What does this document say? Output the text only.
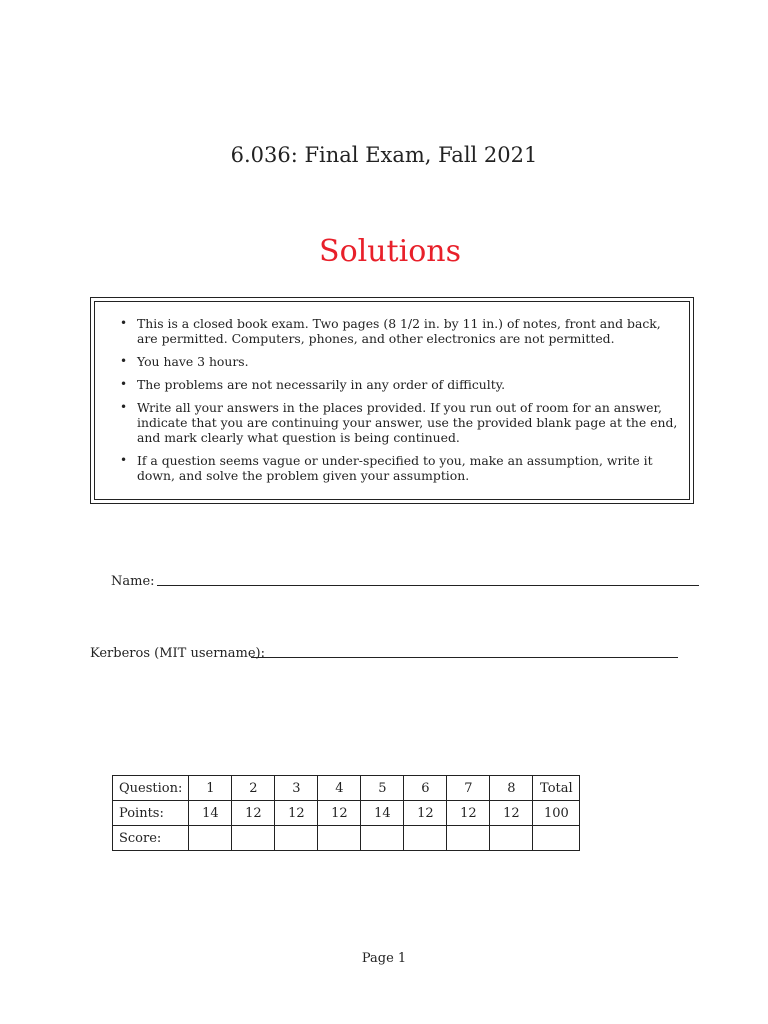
6.036: Final Exam, Fall 2021
Solutions
• This is a closed book exam. Two pages (8 1/2 in. by 11 in.) of notes, front and back, are permitted. Computers, phones, and other electronics are not permitted.
• You have 3 hours.
• The problems are not necessarily in any order of difficulty.
• Write all your answers in the places provided. If you run out of room for an answer, indicate that you are continuing your answer, use the provided blank page at the end, and mark clearly what question is being continued.
• If a question seems vague or under-specified to you, make an assumption, write it down, and solve the problem given your assumption.
Name:
Kerberos (MIT username):
Question:	1	2	3	4	5	6	7	8	Total
Points:	14	12	12	12	14	12	12	12	100
Score:									
Page 1
